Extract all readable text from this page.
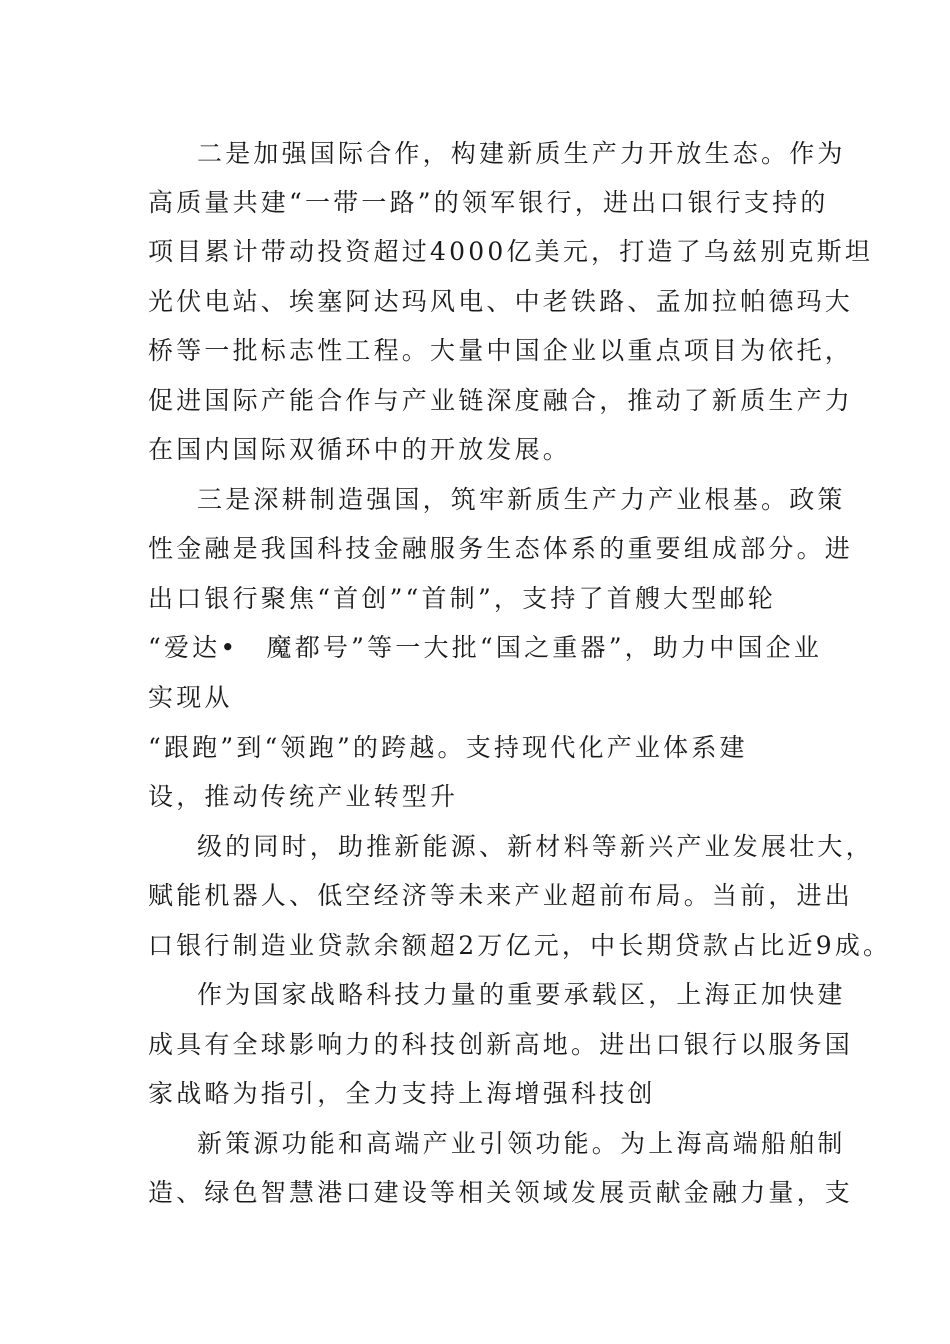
二是加强国际合作，构建新质生产力开放生态。作为
高质量共建“一带一路”的领军银行，进出口银行支持的
项目累计带动投资超过4000亿美元，打造了乌兹别克斯坦
光伏电站、埃塞阿达玛风电、中老铁路、孟加拉帕德玛大
桥等一批标志性工程。大量中国企业以重点项目为依托，
促进国际产能合作与产业链深度融合，推动了新质生产力
在国内国际双循环中的开放发展。
三是深耕制造强国，筑牢新质生产力产业根基。政策
性金融是我国科技金融服务生态体系的重要组成部分。进
出口银行聚焦“首创”“首制”，支持了首艘大型邮轮
“爱达•　魔都号”等一大批“国之重器”，助力中国企业
实现从
“跟跑”到“领跑”的跨越。支持现代化产业体系建
设，推动传统产业转型升
级的同时，助推新能源、新材料等新兴产业发展壮大，
赋能机器人、低空经济等未来产业超前布局。当前，进出
口银行制造业贷款余额超2万亿元，中长期贷款占比近9成。
作为国家战略科技力量的重要承载区，上海正加快建
成具有全球影响力的科技创新高地。进出口银行以服务国
家战略为指引，全力支持上海增强科技创
新策源功能和高端产业引领功能。为上海高端船舶制
造、绿色智慧港口建设等相关领域发展贡献金融力量，支
